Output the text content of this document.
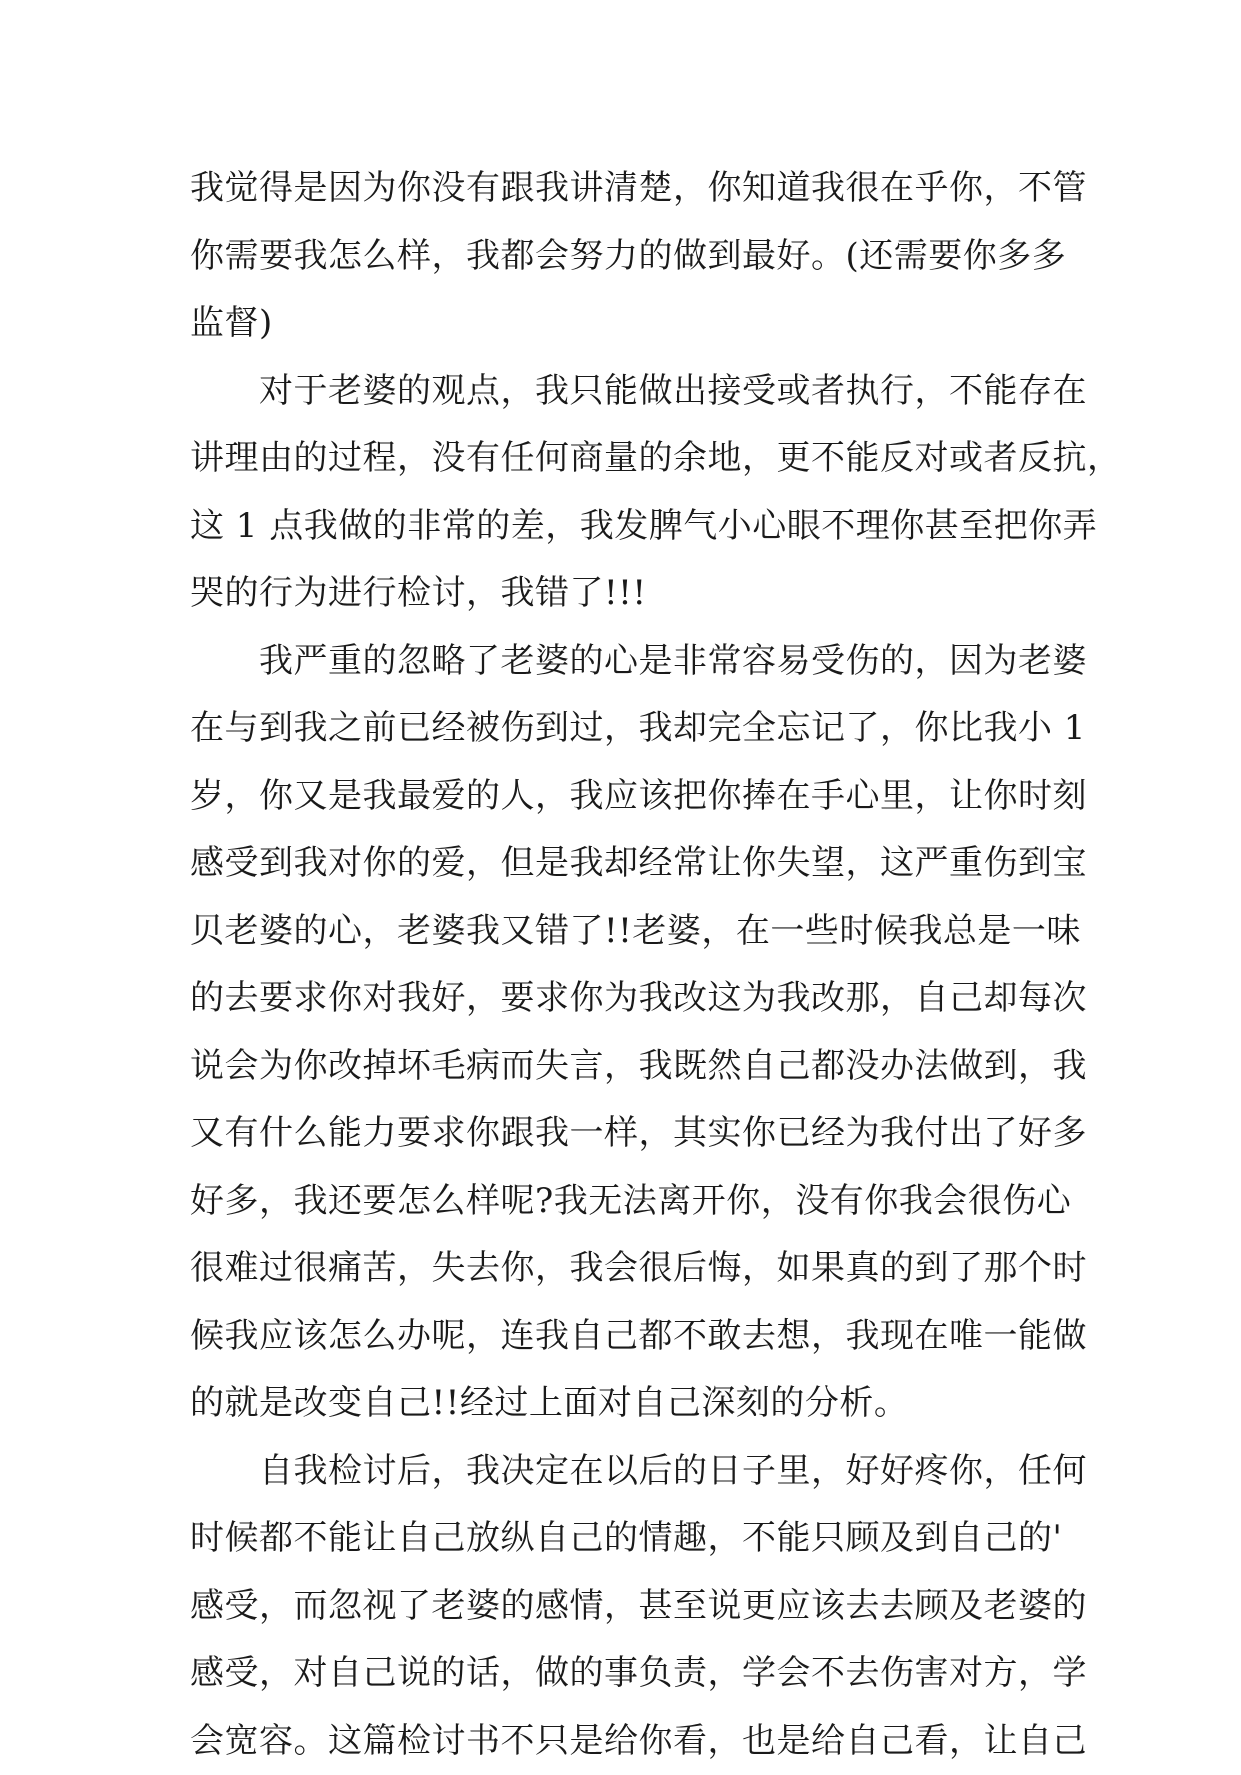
我觉得是因为你没有跟我讲清楚，你知道我很在乎你，不管
你需要我怎么样，我都会努力的做到最好。(还需要你多多
监督)
　　对于老婆的观点，我只能做出接受或者执行，不能存在
讲理由的过程，没有任何商量的余地，更不能反对或者反抗，
这 1 点我做的非常的差，我发脾气小心眼不理你甚至把你弄
哭的行为进行检讨，我错了!!!
　　我严重的忽略了老婆的心是非常容易受伤的，因为老婆
在与到我之前已经被伤到过，我却完全忘记了，你比我小 1
岁，你又是我最爱的人，我应该把你捧在手心里，让你时刻
感受到我对你的爱，但是我却经常让你失望，这严重伤到宝
贝老婆的心，老婆我又错了!!老婆，在一些时候我总是一味
的去要求你对我好，要求你为我改这为我改那，自己却每次
说会为你改掉坏毛病而失言，我既然自己都没办法做到，我
又有什么能力要求你跟我一样，其实你已经为我付出了好多
好多，我还要怎么样呢?我无法离开你，没有你我会很伤心
很难过很痛苦，失去你，我会很后悔，如果真的到了那个时
候我应该怎么办呢，连我自己都不敢去想，我现在唯一能做
的就是改变自己!!经过上面对自己深刻的分析。
　　自我检讨后，我决定在以后的日子里，好好疼你，任何
时候都不能让自己放纵自己的情趣，不能只顾及到自己的'
感受，而忽视了老婆的感情，甚至说更应该去去顾及老婆的
感受，对自己说的话，做的事负责，学会不去伤害对方，学
会宽容。这篇检讨书不只是给你看，也是给自己看，让自己
